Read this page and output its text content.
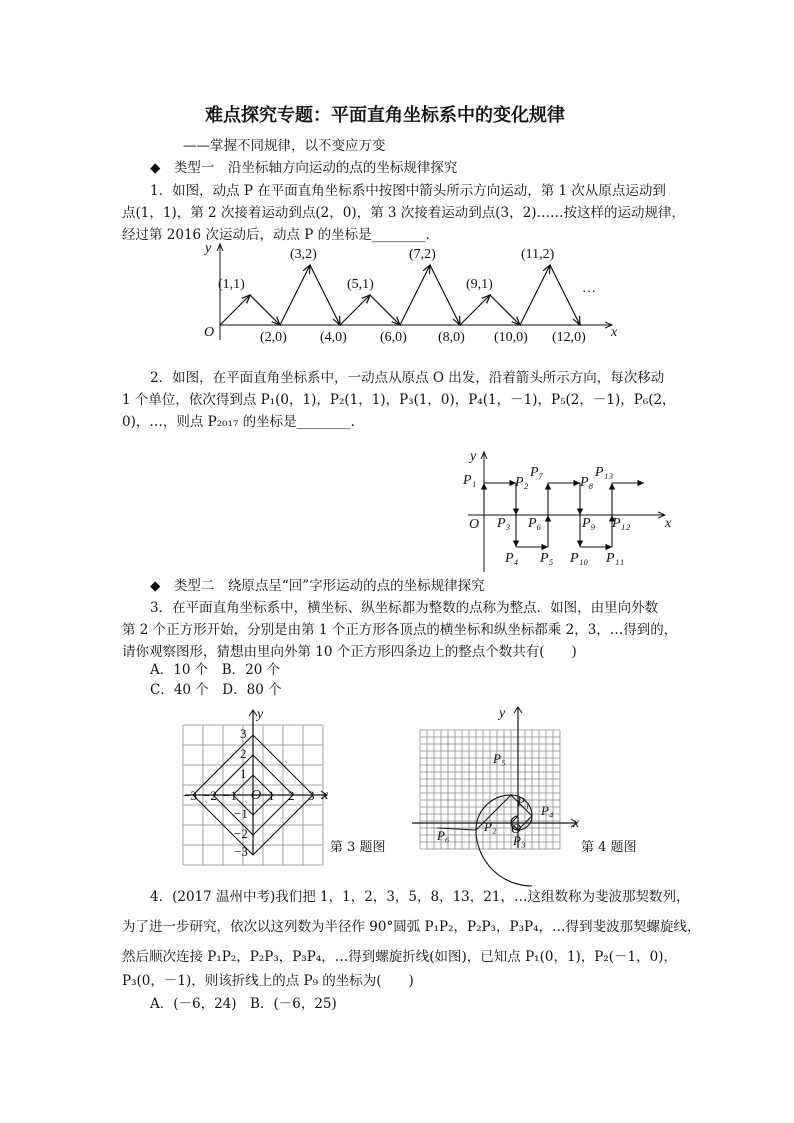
难点探究专题：平面直角坐标系中的变化规律
——掌握不同规律，以不变应万变
◆　类型一　沿坐标轴方向运动的点的坐标规律探究
1．如图，动点 P 在平面直角坐标系中按图中箭头所示方向运动，第 1 次从原点运动到
点(1，1)，第 2 次接着运动到点(2，0)，第 3 次接着运动到点(3，2)……按这样的运动规律，
经过第 2016 次运动后，动点 P 的坐标是________．
x
y
O
(1,1)
(3,2)
(5,1)
(7,2)
(9,1)
(11,2)
(2,0) (4,0) (6,0) (8,0) (10,0) (12,0)
…
2．如图，在平面直角坐标系中，一动点从原点 O 出发，沿着箭头所示方向，每次移动
1 个单位，依次得到点 P₁(0，1)，P₂(1，1)，P₃(1，0)，P₄(1，－1)，P₅(2，－1)，P₆(2，
0)，…，则点 P₂₀₁₇ 的坐标是________．
x
y
O
P₁	P₂
P₃
P₄ P₅
P₆
P₇
P₈
P₉
P₁₀ P₁₁
P₁₂
P₁₃
◆　类型二　绕原点呈“回”字形运动的点的坐标规律探究
3．在平面直角坐标系中，横坐标、纵坐标都为整数的点称为整点．如图，由里向外数
第 2 个正方形开始，分别是由第 1 个正方形各顶点的横坐标和纵坐标都乘 2，3，…得到的，
请你观察图形，猜想由里向外第 10 个正方形四条边上的整点个数共有(　　)
A．10 个　B．20 个
C．40 个　D．80 个
−3 −2 −1 1 2 3
3
2
1
−1
−2
−3
O	x
y
第 3 题图
P₁
P₂
P₃
P₄
P₅
P₆	O	x
y
第 4 题图
4．(2017 温州中考)我们把 1，1，2，3，5，8，13，21，…这组数称为斐波那契数列，
为了进一步研究，依次以这列数为半径作 90°圆弧 P₁P₂，P₂P₃，P₃P₄，…得到斐波那契螺旋线，
然后顺次连接 P₁P₂，P₂P₃，P₃P₄，…得到螺旋折线(如图)，已知点 P₁(0，1)，P₂(－1，0)，
P₃(0，－1)，则该折线上的点 P₉ 的坐标为(　　)
A．(－6，24)　B．(－6，25)
